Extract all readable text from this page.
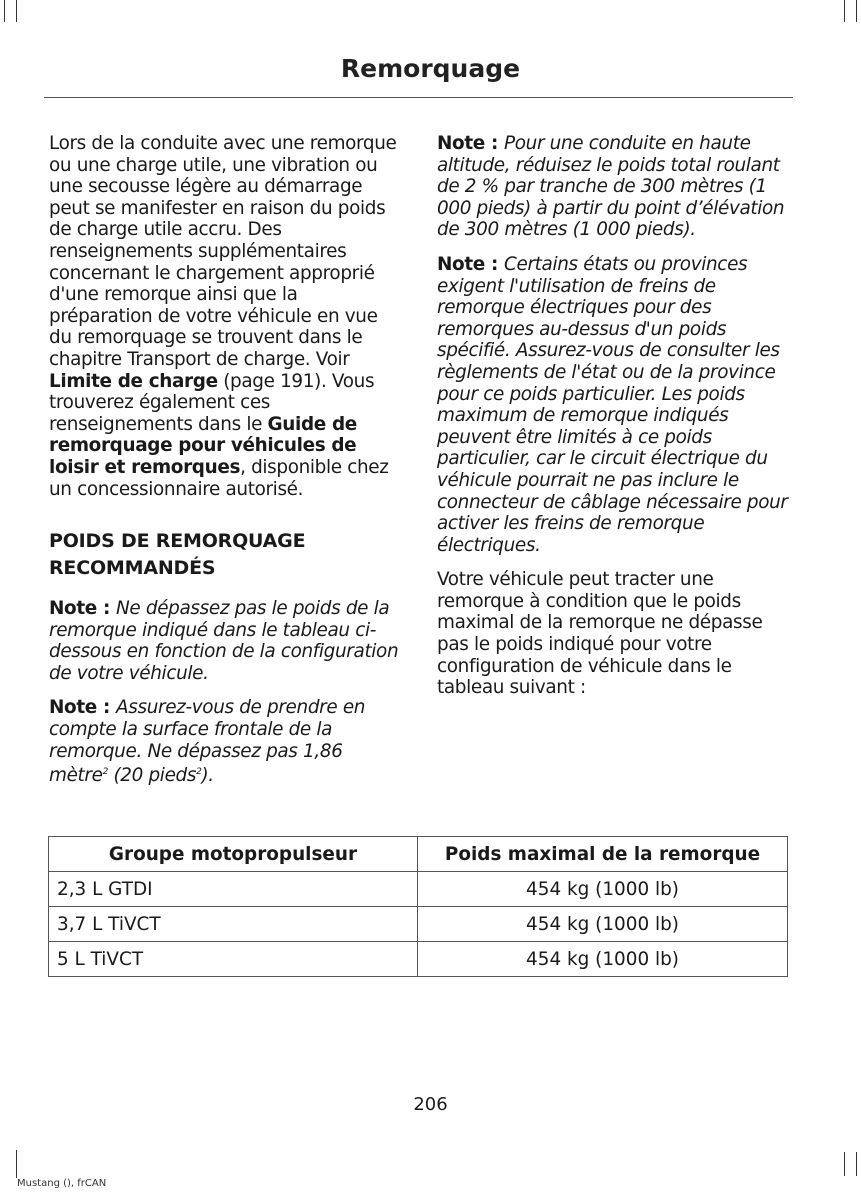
Remorquage

Lors de la conduite avec une remorque ou une charge utile, une vibration ou une secousse légère au démarrage peut se manifester en raison du poids de charge utile accru. Des renseignements supplémentaires concernant le chargement approprié d'une remorque ainsi que la préparation de votre véhicule en vue du remorquage se trouvent dans le chapitre Transport de charge. Voir Limite de charge (page 191). Vous trouverez également ces renseignements dans le Guide de remorquage pour véhicules de loisir et remorques, disponible chez un concessionnaire autorisé.

POIDS DE REMORQUAGE RECOMMANDÉS

Note : Ne dépassez pas le poids de la remorque indiqué dans le tableau ci-dessous en fonction de la configuration de votre véhicule.

Note : Assurez-vous de prendre en compte la surface frontale de la remorque. Ne dépassez pas 1,86 mètre$^2$ (20 pieds$^2$).

Note : Pour une conduite en haute altitude, réduisez le poids total roulant de 2 % par tranche de 300 mètres (1 000 pieds) à partir du point d’élévation de 300 mètres (1 000 pieds).

Note : Certains états ou provinces exigent l'utilisation de freins de remorque électriques pour des remorques au-dessus d'un poids spécifié. Assurez-vous de consulter les règlements de l'état ou de la province pour ce poids particulier. Les poids maximum de remorque indiqués peuvent être limités à ce poids particulier, car le circuit électrique du véhicule pourrait ne pas inclure le connecteur de câblage nécessaire pour activer les freins de remorque électriques.

Votre véhicule peut tracter une remorque à condition que le poids maximal de la remorque ne dépasse pas le poids indiqué pour votre configuration de véhicule dans le tableau suivant :

Groupe motopropulseur	Poids maximal de la remorque
2,3 L GTDI	454 kg (1000 lb)
3,7 L TiVCT	454 kg (1000 lb)
5 L TiVCT	454 kg (1000 lb)
206
Mustang (), frCAN
